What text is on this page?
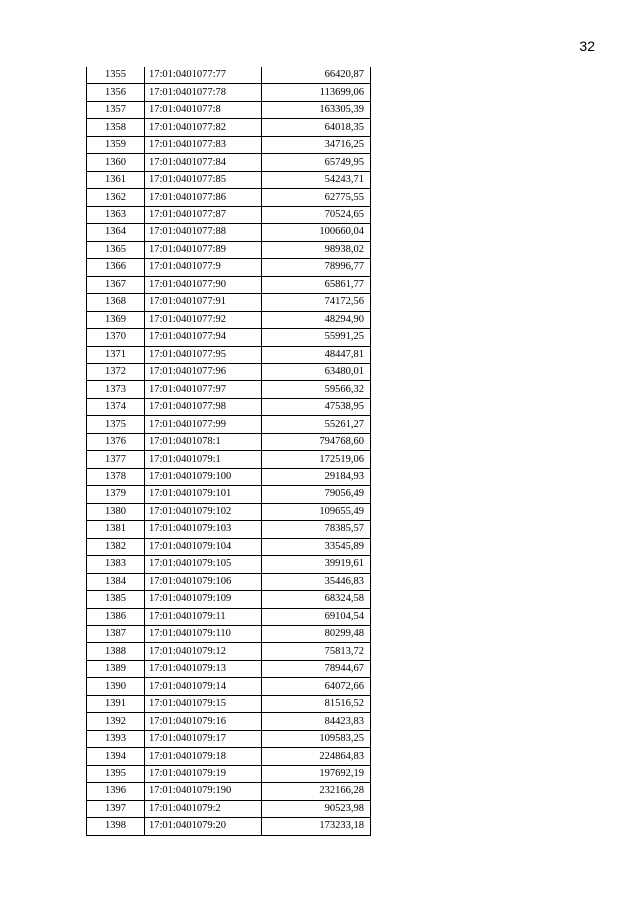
32
1355	17:01:0401077:77	66420,87
1356	17:01:0401077:78	113699,06
1357	17:01:0401077:8	163305,39
1358	17:01:0401077:82	64018,35
1359	17:01:0401077:83	34716,25
1360	17:01:0401077:84	65749,95
1361	17:01:0401077:85	54243,71
1362	17:01:0401077:86	62775,55
1363	17:01:0401077:87	70524,65
1364	17:01:0401077:88	100660,04
1365	17:01:0401077:89	98938,02
1366	17:01:0401077:9	78996,77
1367	17:01:0401077:90	65861,77
1368	17:01:0401077:91	74172,56
1369	17:01:0401077:92	48294,90
1370	17:01:0401077:94	55991,25
1371	17:01:0401077:95	48447,81
1372	17:01:0401077:96	63480,01
1373	17:01:0401077:97	59566,32
1374	17:01:0401077:98	47538,95
1375	17:01:0401077:99	55261,27
1376	17:01:0401078:1	794768,60
1377	17:01:0401079:1	172519,06
1378	17:01:0401079:100	29184,93
1379	17:01:0401079:101	79056,49
1380	17:01:0401079:102	109655,49
1381	17:01:0401079:103	78385,57
1382	17:01:0401079:104	33545,89
1383	17:01:0401079:105	39919,61
1384	17:01:0401079:106	35446,83
1385	17:01:0401079:109	68324,58
1386	17:01:0401079:11	69104,54
1387	17:01:0401079:110	80299,48
1388	17:01:0401079:12	75813,72
1389	17:01:0401079:13	78944,67
1390	17:01:0401079:14	64072,66
1391	17:01:0401079:15	81516,52
1392	17:01:0401079:16	84423,83
1393	17:01:0401079:17	109583,25
1394	17:01:0401079:18	224864,83
1395	17:01:0401079:19	197692,19
1396	17:01:0401079:190	232166,28
1397	17:01:0401079:2	90523,98
1398	17:01:0401079:20	173233,18
